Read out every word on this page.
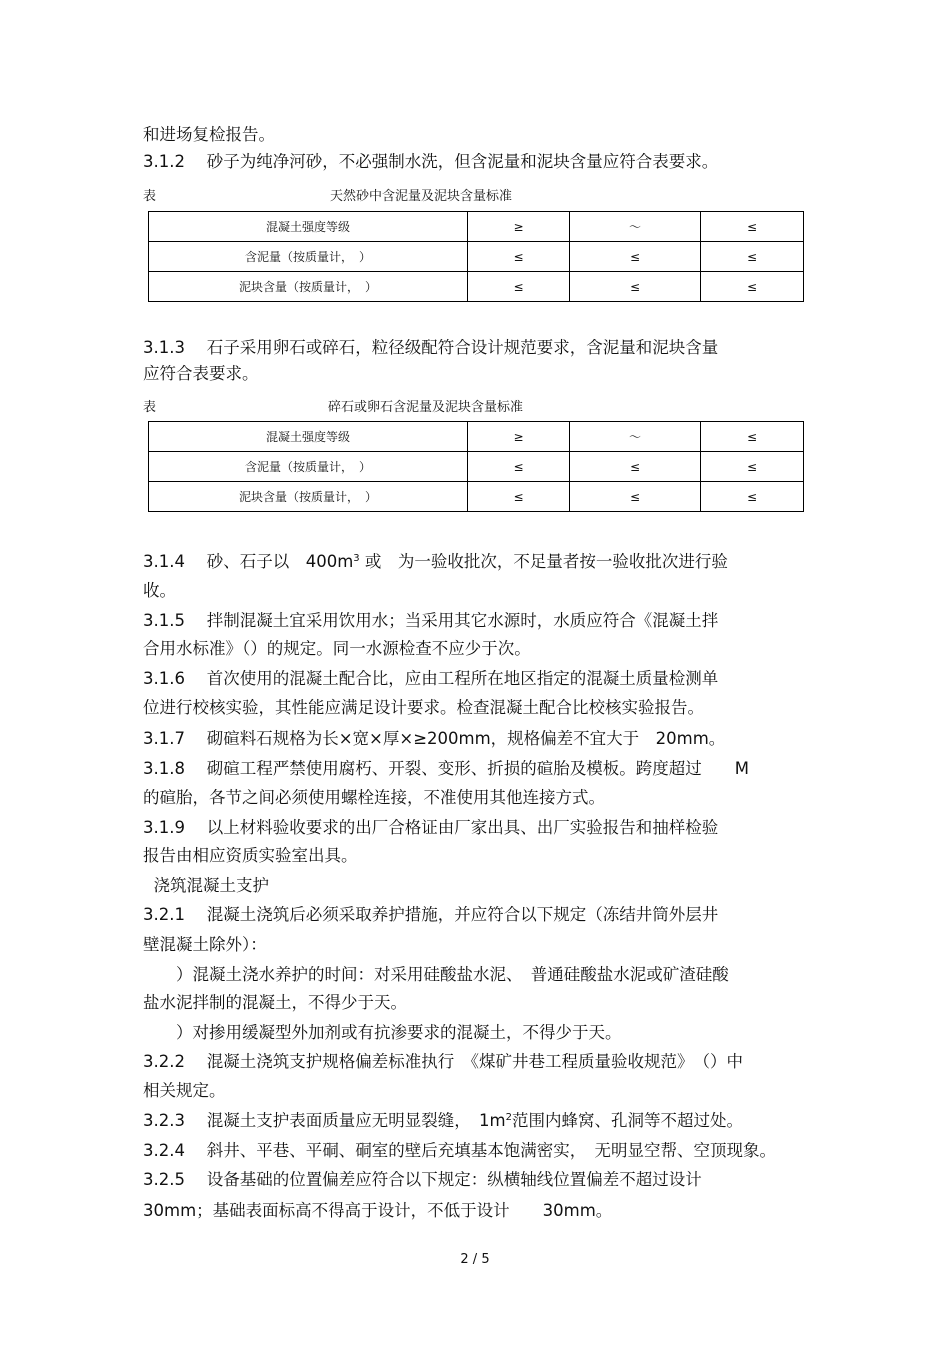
和进场复检报告。
3.1.2　 砂子为纯净河砂，不必强制水洗，但含泥量和泥块含量应符合表要求。
表	天然砂中含泥量及泥块含量标准
混凝土强度等级	≥	～	≤
含泥量（按质量计，　）	≤	≤	≤
泥块含量（按质量计，　）	≤	≤	≤
3.1.3　 石子采用卵石或碎石，粒径级配符合设计规范要求，含泥量和泥块含量
应符合表要求。
表	碎石或卵石含泥量及泥块含量标准
混凝土强度等级	≥	～	≤
含泥量（按质量计，　）	≤	≤	≤
泥块含量（按质量计，　）	≤	≤	≤
3.1.4　 砂、石子以　$400m^3$ 或　为一验收批次，不足量者按一验收批次进行验
收。
3.1.5　 拌制混凝土宜采用饮用水；当采用其它水源时，水质应符合《混凝土拌
合用水标准》（）的规定。同一水源检查不应少于次。
3.1.6　 首次使用的混凝土配合比，应由工程所在地区指定的混凝土质量检测单
位进行校核实验，其性能应满足设计要求。检查混凝土配合比校核实验报告。
3.1.7　 砌碹料石规格为长×宽×厚×≥200mm，规格偏差不宜大于　20mm。
3.1.8　 砌碹工程严禁使用腐朽、开裂、变形、折损的碹胎及模板。跨度超过　　M
的碹胎，各节之间必须使用螺栓连接，不准使用其他连接方式。
3.1.9　 以上材料验收要求的出厂合格证由厂家出具、出厂实验报告和抽样检验
报告由相应资质实验室出具。
浇筑混凝土支护
3.2.1　 混凝土浇筑后必须采取养护措施，并应符合以下规定（冻结井筒外层井
壁混凝土除外）：
　　）混凝土浇水养护的时间：对采用硅酸盐水泥、　普通硅酸盐水泥或矿渣硅酸
盐水泥拌制的混凝土，不得少于天。
　　）对掺用缓凝型外加剂或有抗渗要求的混凝土，不得少于天。
3.2.2　 混凝土浇筑支护规格偏差标准执行　《煤矿井巷工程质量验收规范》　（）中
相关规定。
3.2.3　 混凝土支护表面质量应无明显裂缝，　$1m^2$范围内蜂窝、孔洞等不超过处。
3.2.4　 斜井、平巷、平硐、硐室的壁后充填基本饱满密实，　无明显空帮、空顶现象。
3.2.5　 设备基础的位置偏差应符合以下规定：纵横轴线位置偏差不超过设计
30mm；基础表面标高不得高于设计，不低于设计　　30mm。
2 / 5
